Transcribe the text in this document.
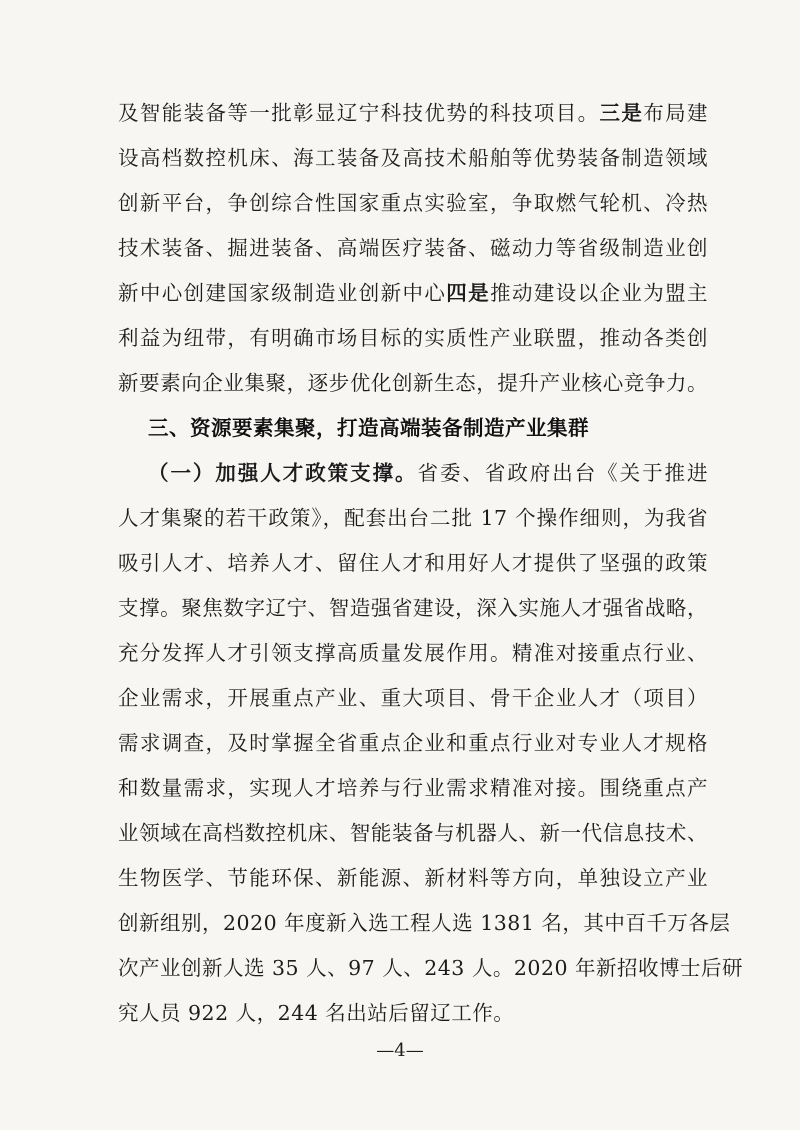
及智能装备等一批彰显辽宁科技优势的科技项目。三是布局建
设高档数控机床、海工装备及高技术船舶等优势装备制造领域
创新平台，争创综合性国家重点实验室，争取燃气轮机、冷热
技术装备、掘进装备、高端医疗装备、磁动力等省级制造业创
新中心创建国家级制造业创新中心四是推动建设以企业为盟主
利益为纽带，有明确市场目标的实质性产业联盟，推动各类创
新要素向企业集聚，逐步优化创新生态，提升产业核心竞争力。
三、资源要素集聚，打造高端装备制造产业集群
（一）加强人才政策支撑。省委、省政府出台《关于推进
人才集聚的若干政策》，配套出台二批 17 个操作细则，为我省
吸引人才、培养人才、留住人才和用好人才提供了坚强的政策
支撑。聚焦数字辽宁、智造强省建设，深入实施人才强省战略，
充分发挥人才引领支撑高质量发展作用。精准对接重点行业、
企业需求，开展重点产业、重大项目、骨干企业人才（项目）
需求调查，及时掌握全省重点企业和重点行业对专业人才规格
和数量需求，实现人才培养与行业需求精准对接。围绕重点产
业领域在高档数控机床、智能装备与机器人、新一代信息技术、
生物医学、节能环保、新能源、新材料等方向，单独设立产业
创新组别，2020 年度新入选工程人选 1381 名，其中百千万各层
次产业创新人选 35 人、97 人、243 人。2020 年新招收博士后研
究人员 922 人，244 名出站后留辽工作。
—4—
